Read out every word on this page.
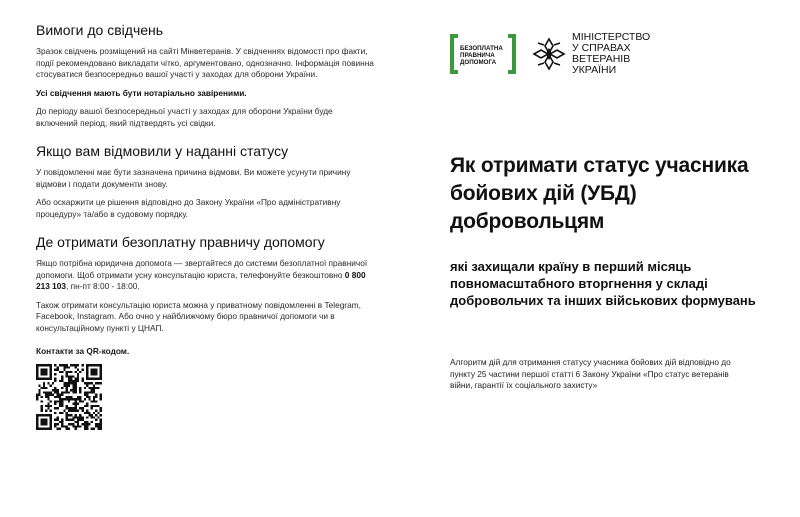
Вимоги до свідчень

Зразок свідчень розміщений на сайті Мінветеранів. У свідченнях відомості про факти, події рекомендовано викладати чітко, аргументовано, однозначно. Інформація повинна стосуватися безпосередньо вашої участі у заходах для оборони України.

Усі свідчення мають бути нотаріально завіреними.

До періоду вашої безпосередньої участі у заходах для оборони України буде включений період, який підтвердять усі свідки.

Якщо вам відмовили у наданні статусу

У повідомленні має бути зазначена причина відмови. Ви можете усунути причину відмови і подати документи знову.

Або оскаржити це рішення відповідно до Закону України «Про адміністративну процедуру» та/або в судовому порядку.

Де отримати безоплатну правничу допомогу

Якщо потрібна юридична допомога — звертайтеся до системи безоплатної правничої допомоги. Щоб отримати усну консультацію юриста, телефонуйте безкоштовно 0 800 213 103, пн-пт 8:00 - 18:00.

Також отримати консультацію юриста можна у приватному повідомленні в Telegram, Facebook, Instagram. Або очно у найближчому бюро правничої допомоги чи в консультаційному пункті у ЦНАП.

Контакти за QR-кодом.
БЕЗОПЛАТНА ПРАВНИЧА ДОПОМОГА
МІНІСТЕРСТВО
У СПРАВАХ
ВЕТЕРАНІВ
УКРАЇНИ
Як отримати статус учасника бойових дій (УБД) добровольцям
які захищали країну в перший місяць повномасштабного вторгнення у складі добровольчих та інших військових формувань
Алгоритм дій для отримання статусу учасника бойових дій відповідно до пункту 25 частини першої статті 6 Закону України «Про статус ветеранів війни, гарантії їх соціального захисту»
